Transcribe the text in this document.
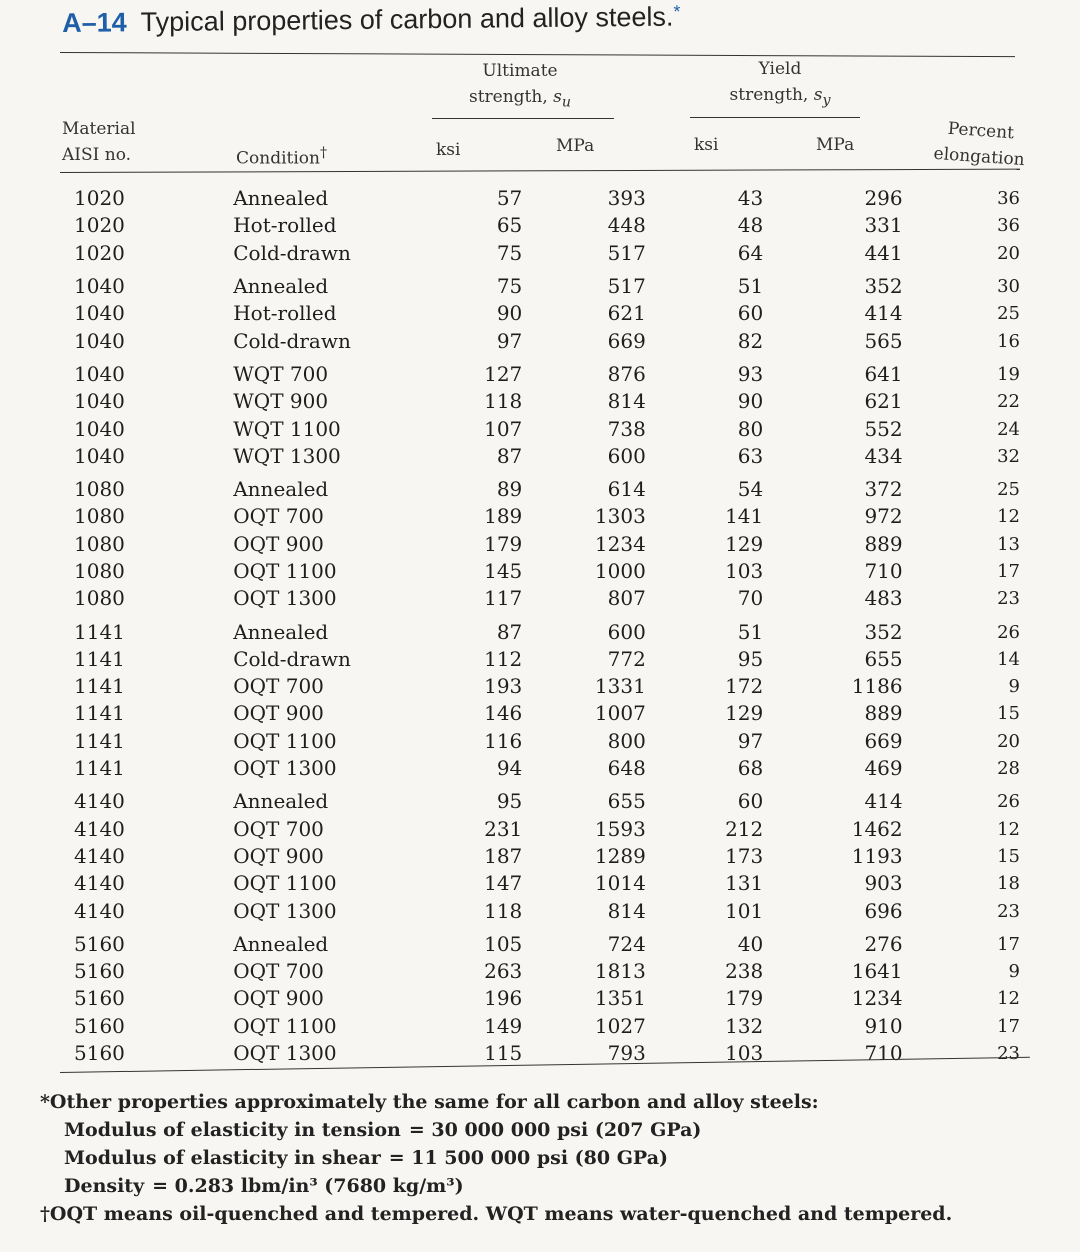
A–14 Typical properties of carbon and alloy steels.*
Ultimate
strength, $s_u$
Yield
strength, $s_y$
Material
AISI no.	Condition†	ksi	MPa	ksi	MPa
Percent
elongation
1020	Annealed	57	393	43	296	36
1020	Hot-rolled	65	448	48	331	36
1020	Cold-drawn	75	517	64	441	20
1040	Annealed	75	517	51	352	30
1040	Hot-rolled	90	621	60	414	25
1040	Cold-drawn	97	669	82	565	16
1040	WQT 700	127	876	93	641	19
1040	WQT 900	118	814	90	621	22
1040	WQT 1100	107	738	80	552	24
1040	WQT 1300	87	600	63	434	32
1080	Annealed	89	614	54	372	25
1080	OQT 700	189	1303	141	972	12
1080	OQT 900	179	1234	129	889	13
1080	OQT 1100	145	1000	103	710	17
1080	OQT 1300	117	807	70	483	23
1141	Annealed	87	600	51	352	26
1141	Cold-drawn	112	772	95	655	14
1141	OQT 700	193	1331	172	1186	9
1141	OQT 900	146	1007	129	889	15
1141	OQT 1100	116	800	97	669	20
1141	OQT 1300	94	648	68	469	28
4140	Annealed	95	655	60	414	26
4140	OQT 700	231	1593	212	1462	12
4140	OQT 900	187	1289	173	1193	15
4140	OQT 1100	147	1014	131	903	18
4140	OQT 1300	118	814	101	696	23
5160	Annealed	105	724	40	276	17
5160	OQT 700	263	1813	238	1641	9
5160	OQT 900	196	1351	179	1234	12
5160	OQT 1100	149	1027	132	910	17
5160	OQT 1300	115	793	103	710	23
*Other properties approximately the same for all carbon and alloy steels:
Modulus of elasticity in tension = 30 000 000 psi (207 GPa)
Modulus of elasticity in shear = 11 500 000 psi (80 GPa)
Density = 0.283 lbm/in³ (7680 kg/m³)
†OQT means oil-quenched and tempered. WQT means water-quenched and tempered.
